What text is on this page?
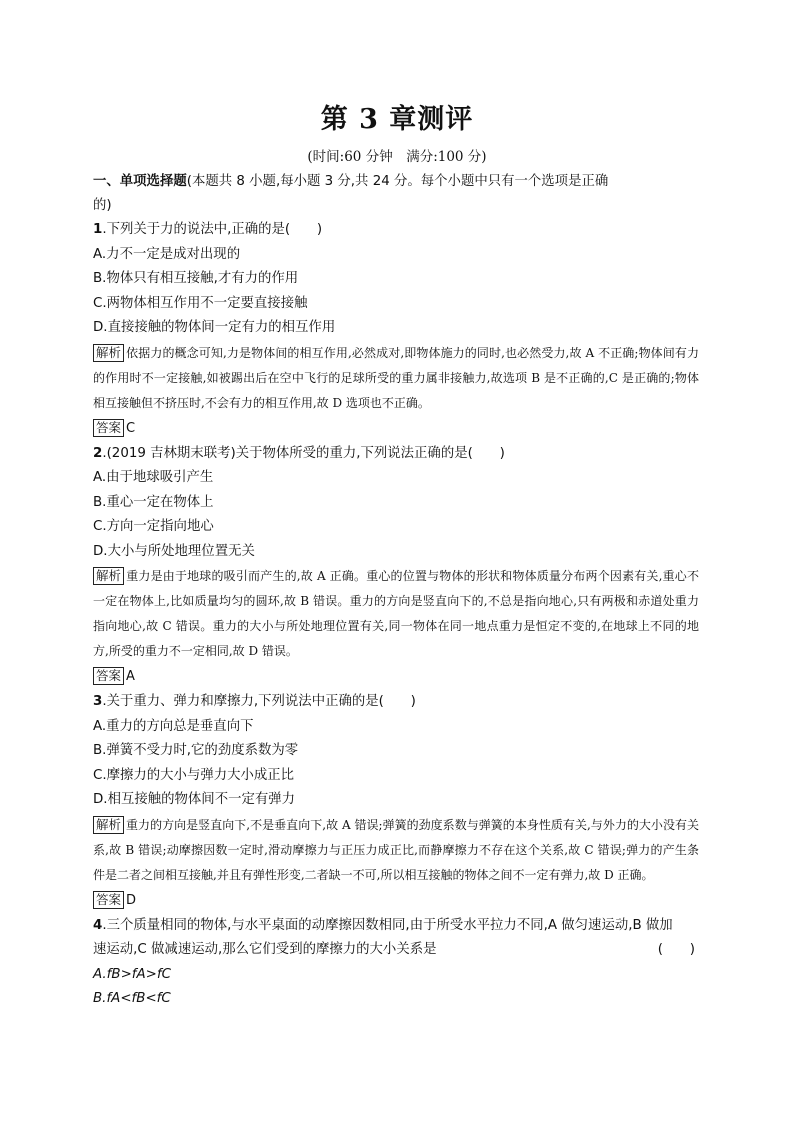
第 3 章测评
(时间:60 分钟　满分:100 分)
一、单项选择题(本题共 8 小题,每小题 3 分,共 24 分。每个小题中只有一个选项是正确
的)
1.下列关于力的说法中,正确的是(　　)
A.力不一定是成对出现的
B.物体只有相互接触,才有力的作用
C.两物体相互作用不一定要直接接触
D.直接接触的物体间一定有力的相互作用
解析 依据力的概念可知,力是物体间的相互作用,必然成对,即物体施力的同时,也必然受力,故 A 不正确;物体间有力的作用时不一定接触,如被踢出后在空中飞行的足球所受的重力属非接触力,故选项 B 是不正确的,C 是正确的;物体相互接触但不挤压时,不会有力的相互作用,故 D 选项也不正确。
答案 C
2.(2019 吉林期末联考)关于物体所受的重力,下列说法正确的是(　　)
A.由于地球吸引产生
B.重心一定在物体上
C.方向一定指向地心
D.大小与所处地理位置无关
解析 重力是由于地球的吸引而产生的,故 A 正确。重心的位置与物体的形状和物体质量分布两个因素有关,重心不一定在物体上,比如质量均匀的圆环,故 B 错误。重力的方向是竖直向下的,不总是指向地心,只有两极和赤道处重力指向地心,故 C 错误。重力的大小与所处地理位置有关,同一物体在同一地点重力是恒定不变的,在地球上不同的地方,所受的重力不一定相同,故 D 错误。
答案 A
3.关于重力、弹力和摩擦力,下列说法中正确的是(　　)
A.重力的方向总是垂直向下
B.弹簧不受力时,它的劲度系数为零
C.摩擦力的大小与弹力大小成正比
D.相互接触的物体间不一定有弹力
解析 重力的方向是竖直向下,不是垂直向下,故 A 错误;弹簧的劲度系数与弹簧的本身性质有关,与外力的大小没有关系,故 B 错误;动摩擦因数一定时,滑动摩擦力与正压力成正比,而静摩擦力不存在这个关系,故 C 错误;弹力的产生条件是二者之间相互接触,并且有弹性形变,二者缺一不可,所以相互接触的物体之间不一定有弹力,故 D 正确。
答案 D
4.三个质量相同的物体,与水平桌面的动摩擦因数相同,由于所受水平拉力不同,A 做匀速运动,B 做加
速运动,C 做减速运动,那么它们受到的摩擦力的大小关系是	(　　)
A.fB>fA>fC
B.fA<fB<fC
